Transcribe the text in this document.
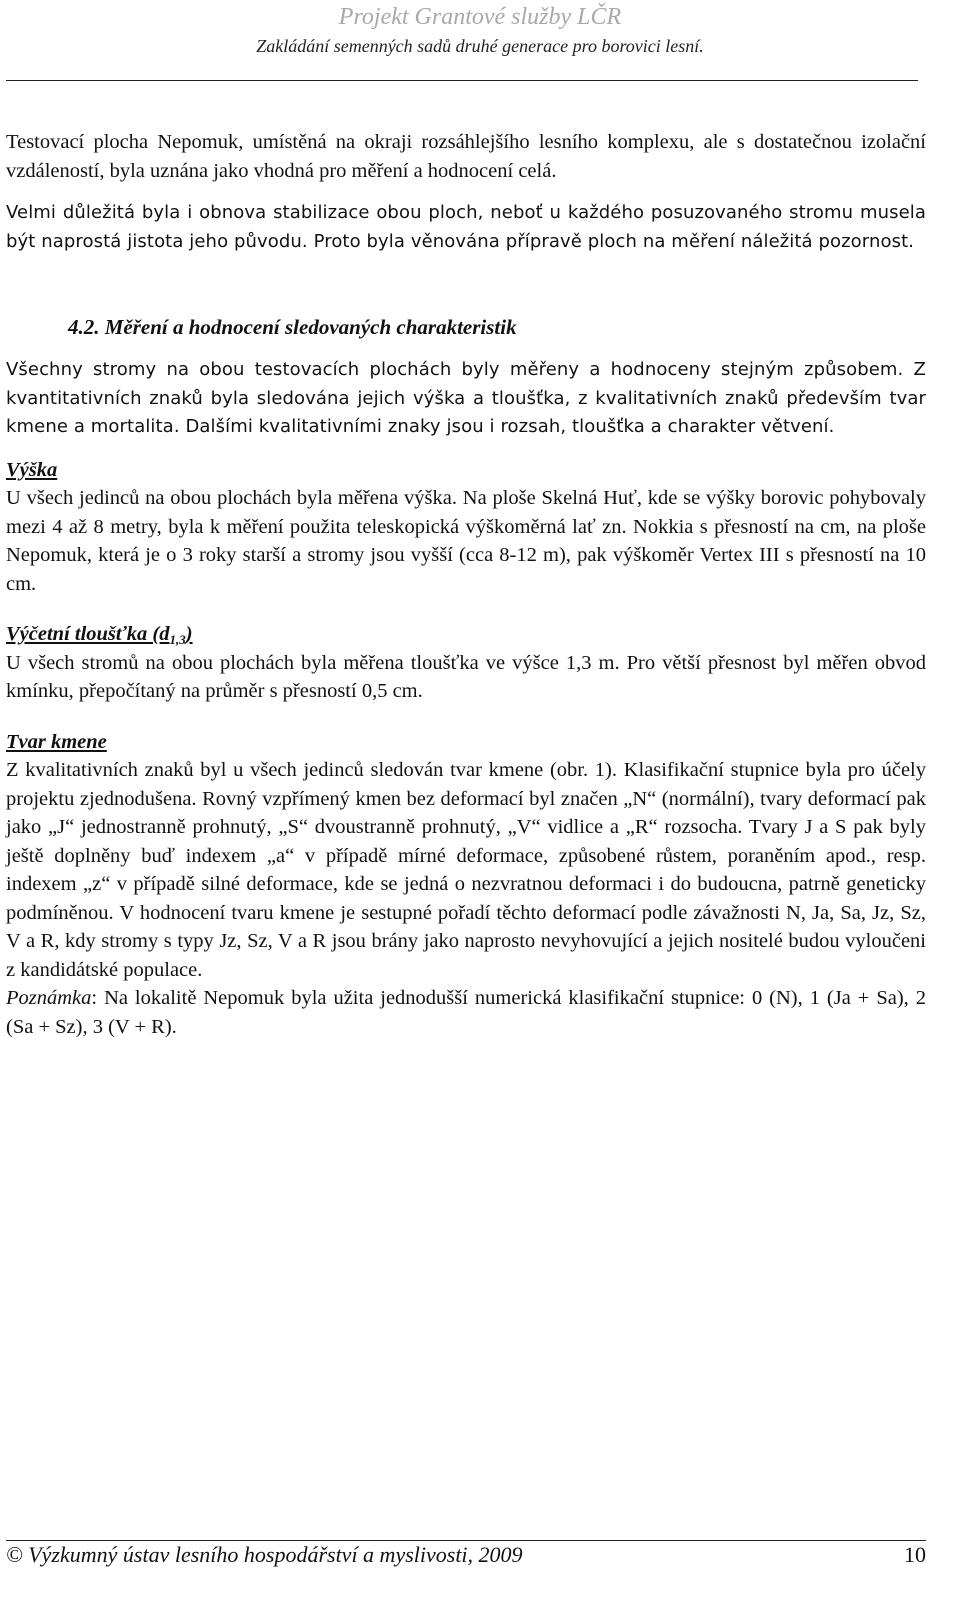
Projekt Grantové služby LČR
Zakládání semenných sadů druhé generace pro borovici lesní.

Testovací plocha Nepomuk, umístěná na okraji rozsáhlejšího lesního komplexu, ale s dostatečnou izolační vzdáleností, byla uznána jako vhodná pro měření a hodnocení celá.

Velmi důležitá byla i obnova stabilizace obou ploch, neboť u každého posuzovaného stromu musela být naprostá jistota jeho původu. Proto byla věnována přípravě ploch na měření náležitá pozornost.

4.2. Měření a hodnocení sledovaných charakteristik

Všechny stromy na obou testovacích plochách byly měřeny a hodnoceny stejným způsobem. Z kvantitativních znaků byla sledována jejich výška a tloušťka, z kvalitativních znaků především tvar kmene a mortalita. Dalšími kvalitativními znaky jsou i rozsah, tloušťka a charakter větvení.

Výška

U všech jedinců na obou plochách byla měřena výška. Na ploše Skelná Huť, kde se výšky borovic pohybovaly mezi 4 až 8 metry, byla k měření použita teleskopická výškoměrná lať zn. Nokkia s přesností na cm, na ploše Nepomuk, která je o 3 roky starší a stromy jsou vyšší (cca 8-12 m), pak výškoměr Vertex III s přesností na 10 cm.

Výčetní tloušťka $(d_{1,3})$

U všech stromů na obou plochách byla měřena tloušťka ve výšce 1,3 m. Pro větší přesnost byl měřen obvod kmínku, přepočítaný na průměr s přesností 0,5 cm.

Tvar kmene

Z kvalitativních znaků byl u všech jedinců sledován tvar kmene (obr. 1). Klasifikační stupnice byla pro účely projektu zjednodušena. Rovný vzpřímený kmen bez deformací byl značen „N“ (normální), tvary deformací pak jako „J“ jednostranně prohnutý, „S“ dvoustranně prohnutý, „V“ vidlice a „R“ rozsocha. Tvary J a S pak byly ještě doplněny buď indexem „a“ v případě mírné deformace, způsobené růstem, poraněním apod., resp. indexem „z“ v případě silné deformace, kde se jedná o nezvratnou deformaci i do budoucna, patrně geneticky podmíněnou. V hodnocení tvaru kmene je sestupné pořadí těchto deformací podle závažnosti N, Ja, Sa, Jz, Sz, V a R, kdy stromy s typy Jz, Sz, V a R jsou brány jako naprosto nevyhovující a jejich nositelé budou vyloučeni z kandidátské populace.

Poznámka: Na lokalitě Nepomuk byla užita jednodušší numerická klasifikační stupnice: 0 (N), 1 (Ja + Sa), 2 (Sa + Sz), 3 (V + R).

© Výzkumný ústav lesního hospodářství a myslivosti, 2009	10
